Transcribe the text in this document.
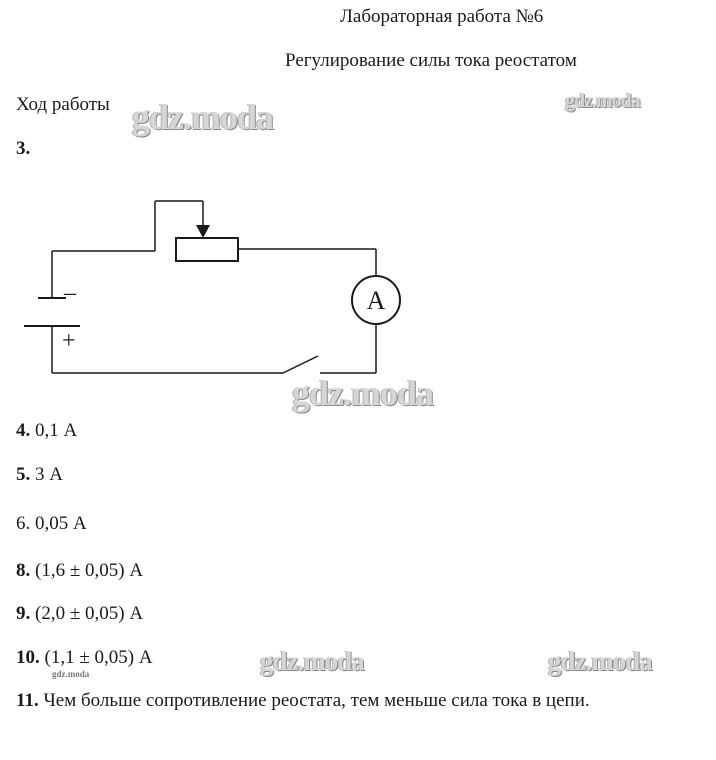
Лабораторная работа №6
Регулирование силы тока реостатом
Ход работы gdz.moda	gdz.moda
gdz.moda
gdz.moda	gdz.moda
3.
A
–
+
4. 0,1 А
5. 3 А
6. 0,05 А
8. (1,6 ± 0,05) А
9. (2,0 ± 0,05) А
10. (1,1 ± 0,05) А
gdz.moda
11. Чем больше сопротивление реостата, тем меньше сила тока в цепи.
